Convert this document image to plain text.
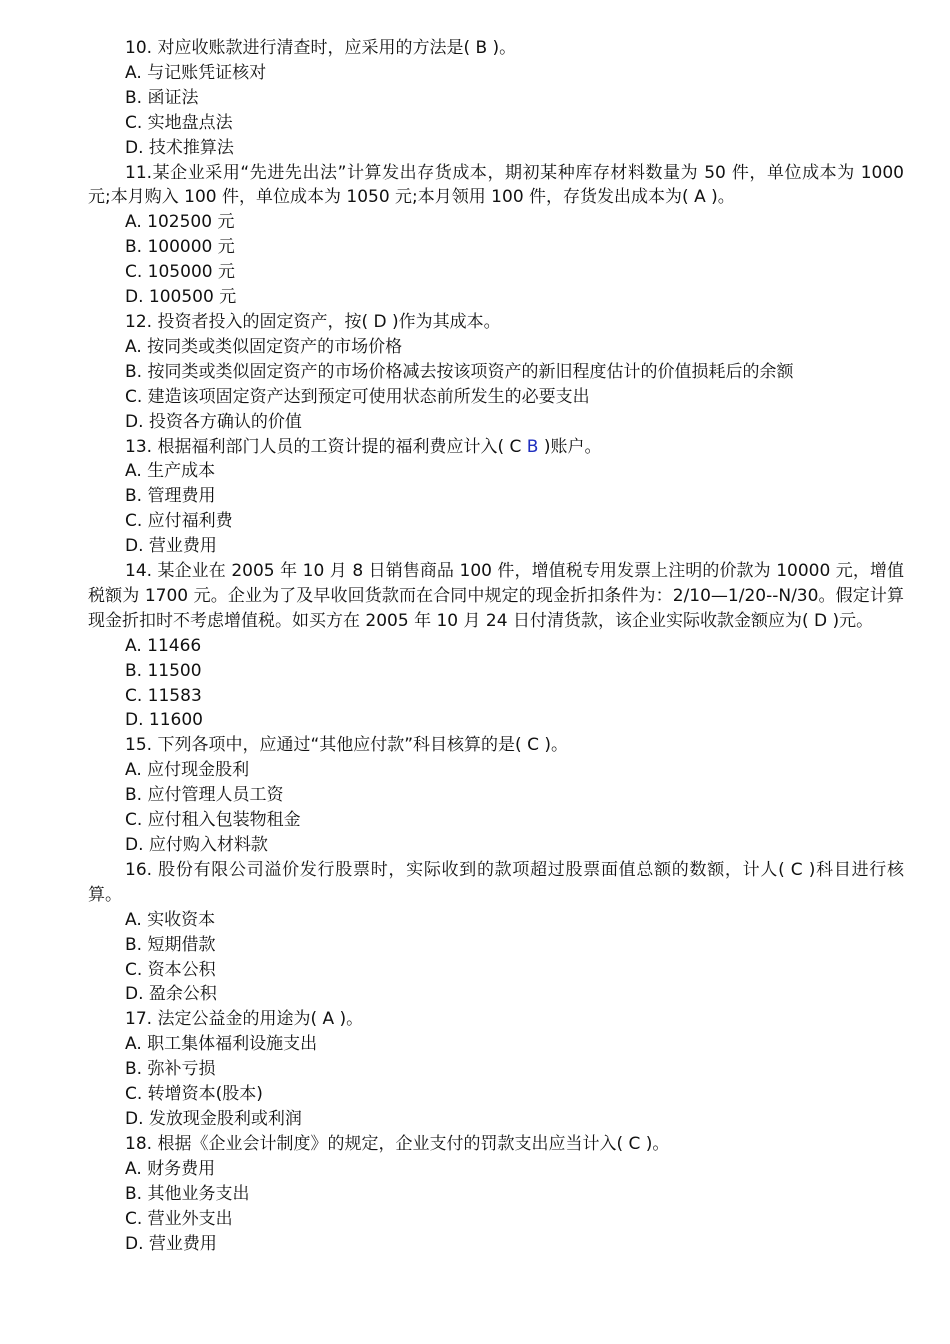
10. 对应收账款进行清查时，应采用的方法是( B )。
A. 与记账凭证核对
B. 函证法
C. 实地盘点法
D. 技术推算法
11.某企业采用“先进先出法”计算发出存货成本，期初某种库存材料数量为 50 件，单位成本为 1000 元;本月购入 100 件，单位成本为 1050 元;本月领用 100 件，存货发出成本为( A )。
A. 102500 元
B. 100000 元
C. 105000 元
D. 100500 元
12. 投资者投入的固定资产，按( D )作为其成本。
A. 按同类或类似固定资产的市场价格
B. 按同类或类似固定资产的市场价格减去按该项资产的新旧程度估计的价值损耗后的余额
C. 建造该项固定资产达到预定可使用状态前所发生的必要支出
D. 投资各方确认的价值
13. 根据福利部门人员的工资计提的福利费应计入( C B )账户。
A. 生产成本
B. 管理费用
C. 应付福利费
D. 营业费用
14. 某企业在 2005 年 10 月 8 日销售商品 100 件，增值税专用发票上注明的价款为 10000 元，增值税额为 1700 元。企业为了及早收回货款而在合同中规定的现金折扣条件为：2/10—1/20--N/30。假定计算现金折扣时不考虑增值税。如买方在 2005 年 10 月 24 日付清货款，该企业实际收款金额应为( D )元。
A. 11466
B. 11500
C. 11583
D. 11600
15. 下列各项中，应通过“其他应付款”科目核算的是( C )。
A. 应付现金股利
B. 应付管理人员工资
C. 应付租入包装物租金
D. 应付购入材料款
16. 股份有限公司溢价发行股票时，实际收到的款项超过股票面值总额的数额，计人( C )科目进行核算。
A. 实收资本
B. 短期借款
C. 资本公积
D. 盈余公积
17. 法定公益金的用途为( A )。
A. 职工集体福利设施支出
B. 弥补亏损
C. 转增资本(股本)
D. 发放现金股利或利润
18. 根据《企业会计制度》的规定，企业支付的罚款支出应当计入( C )。
A. 财务费用
B. 其他业务支出
C. 营业外支出
D. 营业费用
